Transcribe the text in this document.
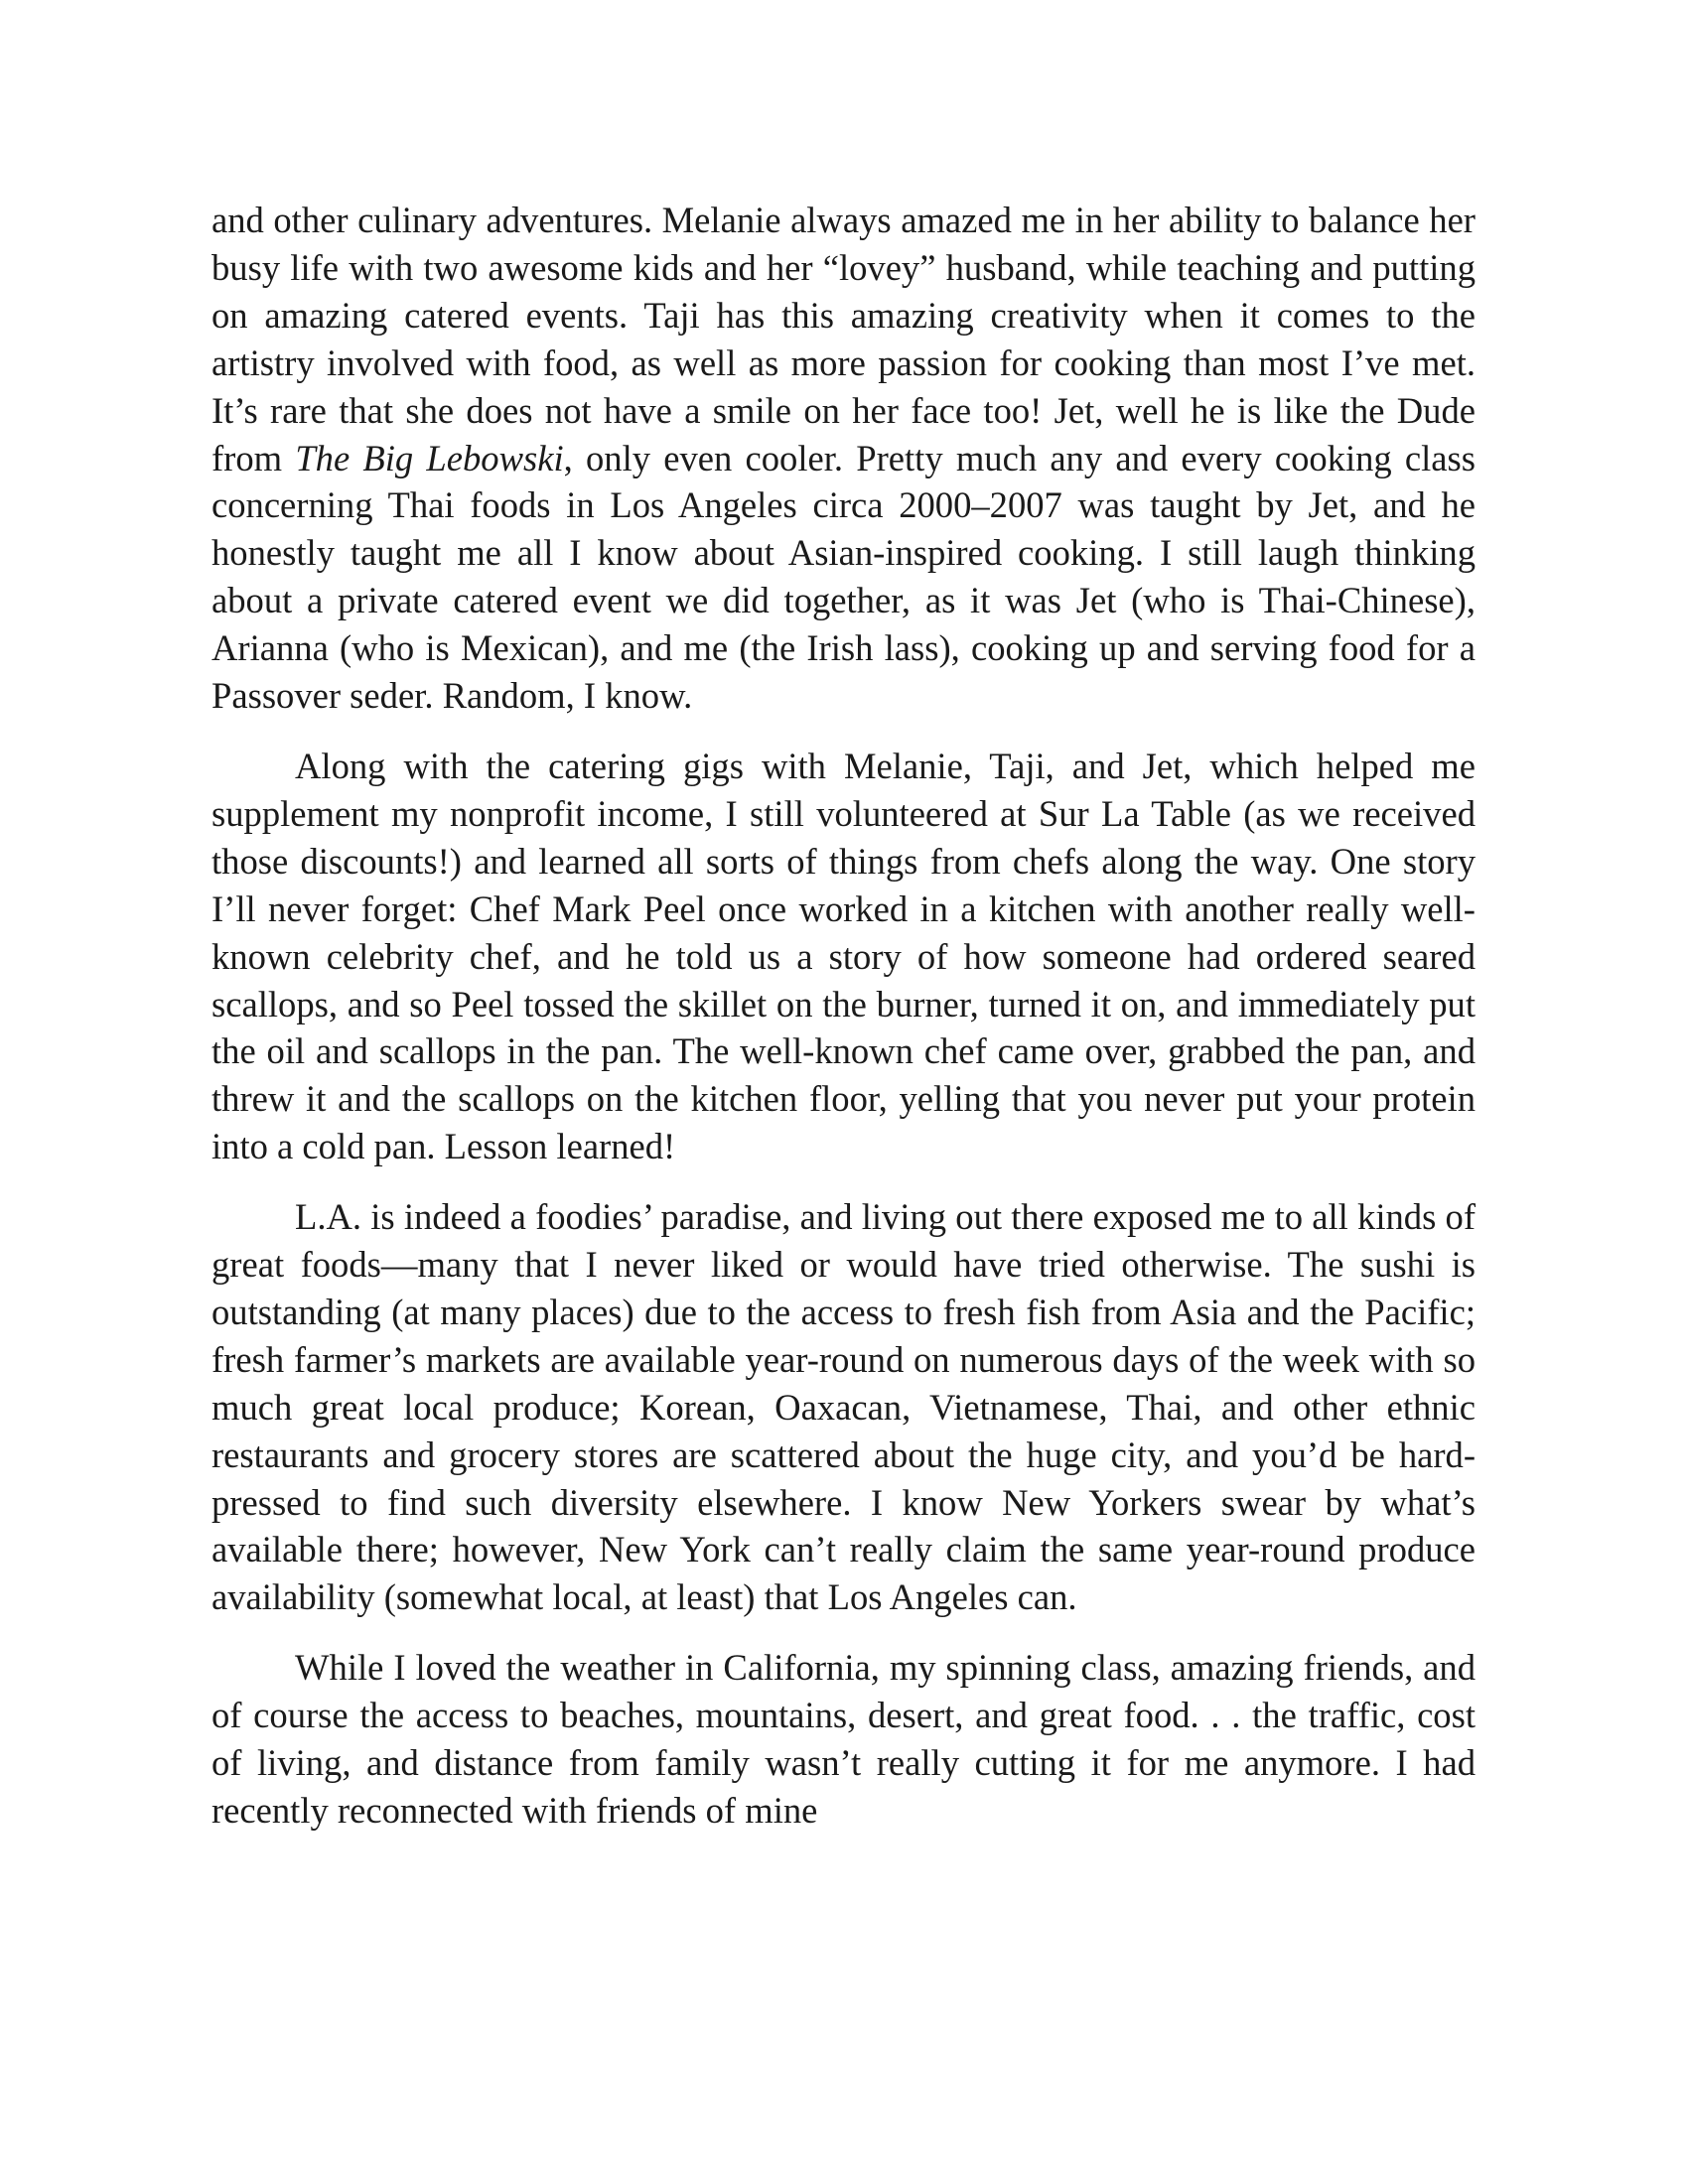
and other culinary adventures. Melanie always amazed me in her ability to balance her busy life with two awesome kids and her “lovey” husband, while teaching and putting on amazing catered events. Taji has this amazing creativity when it comes to the artistry involved with food, as well as more passion for cooking than most I’ve met. It’s rare that she does not have a smile on her face too! Jet, well he is like the Dude from The Big Lebowski, only even cooler. Pretty much any and every cooking class concerning Thai foods in Los Angeles circa 2000–2007 was taught by Jet, and he honestly taught me all I know about Asian-inspired cooking. I still laugh thinking about a private catered event we did together, as it was Jet (who is Thai-Chinese), Arianna (who is Mexican), and me (the Irish lass), cooking up and serving food for a Passover seder. Random, I know.

Along with the catering gigs with Melanie, Taji, and Jet, which helped me supplement my nonprofit income, I still volunteered at Sur La Table (as we received those discounts!) and learned all sorts of things from chefs along the way. One story I’ll never forget: Chef Mark Peel once worked in a kitchen with another really well-known celebrity chef, and he told us a story of how someone had ordered seared scallops, and so Peel tossed the skillet on the burner, turned it on, and immediately put the oil and scallops in the pan. The well-known chef came over, grabbed the pan, and threw it and the scallops on the kitchen floor, yelling that you never put your protein into a cold pan. Lesson learned!

L.A. is indeed a foodies’ paradise, and living out there exposed me to all kinds of great foods—many that I never liked or would have tried otherwise. The sushi is outstanding (at many places) due to the access to fresh fish from Asia and the Pacific; fresh farmer’s markets are available year-round on numerous days of the week with so much great local produce; Korean, Oaxacan, Vietnamese, Thai, and other ethnic restaurants and grocery stores are scattered about the huge city, and you’d be hard-pressed to find such diversity elsewhere. I know New Yorkers swear by what’s available there; however, New York can’t really claim the same year-round produce availability (somewhat local, at least) that Los Angeles can.

While I loved the weather in California, my spinning class, amazing friends, and of course the access to beaches, mountains, desert, and great food. . . the traffic, cost of living, and distance from family wasn’t really cutting it for me anymore. I had recently reconnected with friends of mine
